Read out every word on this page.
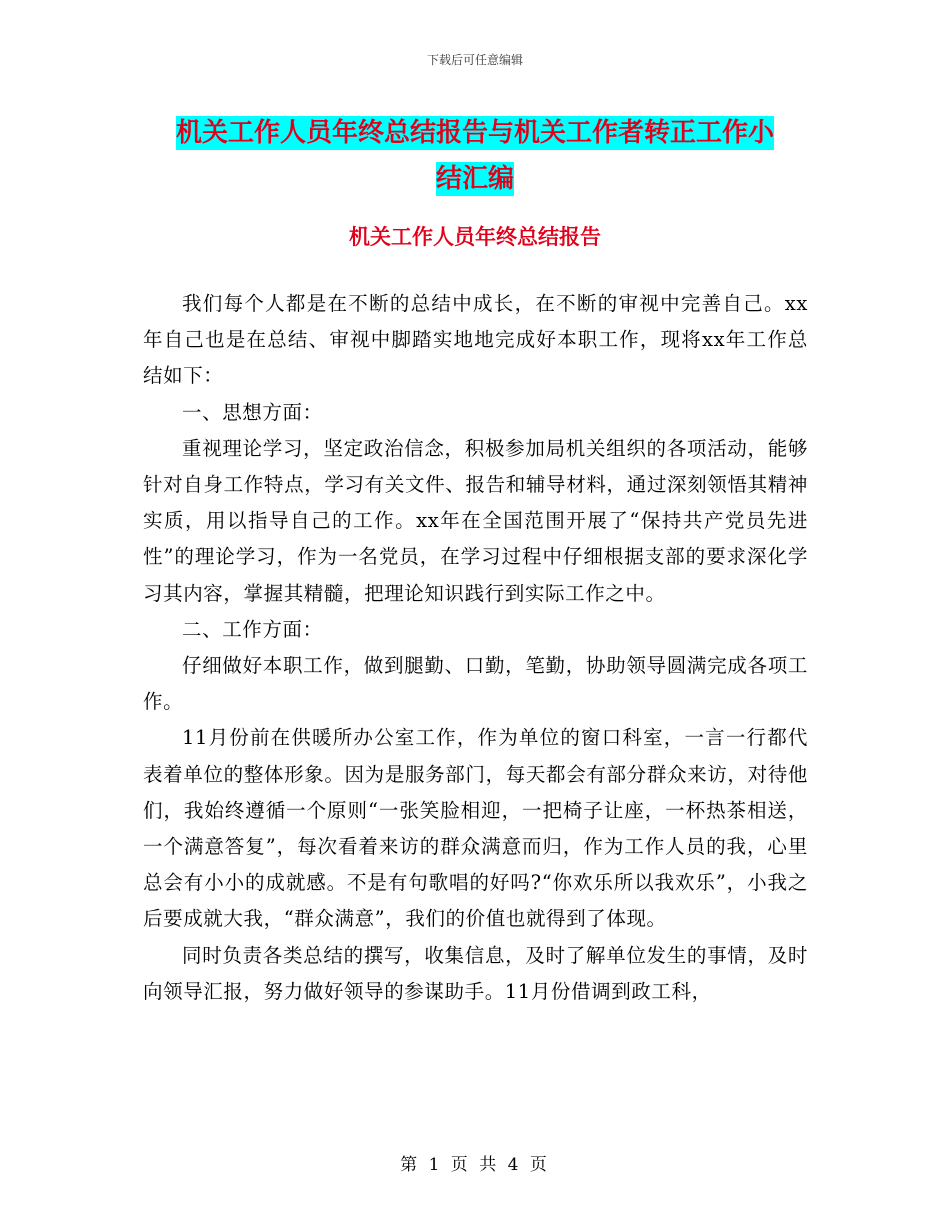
下载后可任意编辑
机关工作人员年终总结报告与机关工作者转正工作小
结汇编
机关工作人员年终总结报告

我们每个人都是在不断的总结中成长，在不断的审视中完善自己。xx年自己也是在总结、审视中脚踏实地地完成好本职工作，现将xx年工作总结如下：

一、思想方面：

重视理论学习，坚定政治信念，积极参加局机关组织的各项活动，能够针对自身工作特点，学习有关文件、报告和辅导材料，通过深刻领悟其精神实质，用以指导自己的工作。xx年在全国范围开展了“保持共产党员先进性”的理论学习，作为一名党员，在学习过程中仔细根据支部的要求深化学习其内容，掌握其精髓，把理论知识践行到实际工作之中。

二、工作方面：

仔细做好本职工作，做到腿勤、口勤，笔勤，协助领导圆满完成各项工作。

11月份前在供暖所办公室工作，作为单位的窗口科室，一言一行都代表着单位的整体形象。因为是服务部门，每天都会有部分群众来访，对待他们，我始终遵循一个原则“一张笑脸相迎，一把椅子让座，一杯热茶相送，一个满意答复”，每次看着来访的群众满意而归，作为工作人员的我，心里总会有小小的成就感。不是有句歌唱的好吗?“你欢乐所以我欢乐”，小我之后要成就大我，“群众满意”，我们的价值也就得到了体现。

同时负责各类总结的撰写，收集信息，及时了解单位发生的事情，及时向领导汇报，努力做好领导的参谋助手。11月份借调到政工科，

第 1 页 共 4 页
